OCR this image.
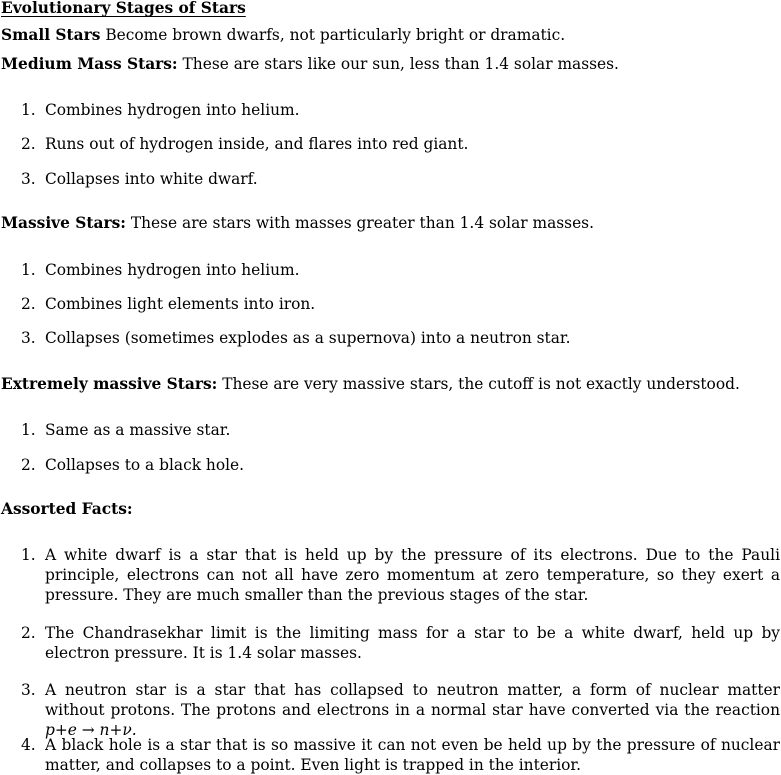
Evolutionary Stages of Stars
Small Stars Become brown dwarfs, not particularly bright or dramatic.
Medium Mass Stars: These are stars like our sun, less than 1.4 solar masses.
1. Combines hydrogen into helium.
2. Runs out of hydrogen inside, and flares into red giant.
3. Collapses into white dwarf.
Massive Stars: These are stars with masses greater than 1.4 solar masses.
1. Combines hydrogen into helium.
2. Combines light elements into iron.
3. Collapses (sometimes explodes as a supernova) into a neutron star.
Extremely massive Stars: These are very massive stars, the cutoff is not exactly understood.
1. Same as a massive star.
2. Collapses to a black hole.
Assorted Facts:
1. A white dwarf is a star that is held up by the pressure of its electrons. Due to the Pauli principle, electrons can not all have zero momentum at zero temperature, so they exert a pressure. They are much smaller than the previous stages of the star.
2. The Chandrasekhar limit is the limiting mass for a star to be a white dwarf, held up by electron pressure. It is 1.4 solar masses.
3. A neutron star is a star that has collapsed to neutron matter, a form of nuclear matter without protons. The protons and electrons in a normal star have converted via the reaction p+e → n+ν.
4. A black hole is a star that is so massive it can not even be held up by the pressure of nuclear matter, and collapses to a point. Even light is trapped in the interior.
